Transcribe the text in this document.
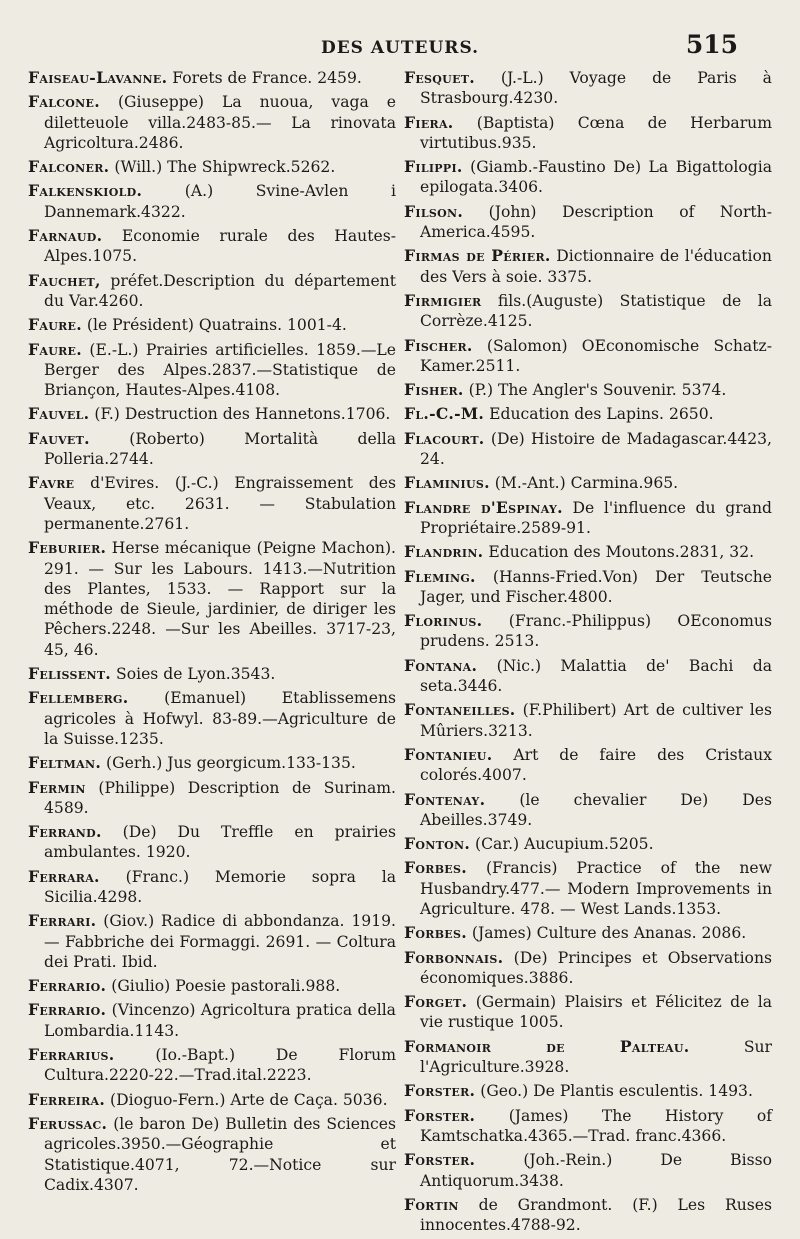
DES AUTEURS.	515

Faiseau-Lavanne. Forets de France. 2459.

Falcone. (Giuseppe) La nuoua, vaga e diletteuole villa.2483-85.— La rinovata Agricoltura.2486.

Falconer. (Will.) The Shipwreck.5262.

Falkenskiold.	(A.) Svine-Avlen i Dannemark.4322.

Farnaud. Economie rurale des Hautes-Alpes.1075.

Fauchet, préfet.Description du département du Var.4260.

Faure. (le Président) Quatrains. 1001-4.

Faure. (E.-L.) Prairies artificielles. 1859.—Le Berger des Alpes.2837.—Statistique de Briançon, Hautes-Alpes.4108.

Fauvel. (F.) Destruction des Hannetons.1706.

Fauvet.	(Roberto) Mortalità della Polleria.2744.

Favre d'Evires. (J.-C.) Engraissement des Veaux, etc. 2631. — Stabulation permanente.2761.

Feburier. Herse mécanique (Peigne Machon). 291. — Sur les Labours. 1413.—Nutrition des Plantes, 1533. — Rapport sur la méthode de Sieule, jardinier, de diriger les Pêchers.2248. —Sur les Abeilles. 3717-23, 45, 46.

Felissent. Soies de Lyon.3543.

Fellemberg. (Emanuel) Etablissemens agricoles à Hofwyl. 83-89.—Agriculture de la Suisse.1235.

Feltman. (Gerh.) Jus georgicum.133-135.

Fermin (Philippe) Description de Surinam. 4589.

Ferrand. (De) Du Treffle en prairies ambulantes. 1920.

Ferrara. (Franc.) Memorie sopra la Sicilia.4298.

Ferrari. (Giov.) Radice di abbondanza. 1919. — Fabbriche dei Formaggi. 2691. — Coltura dei Prati. Ibid.

Ferrario. (Giulio) Poesie pastorali.988.

Ferrario. (Vincenzo) Agricoltura pratica della Lombardia.1143.

Ferrarius.	(Io.-Bapt.) De Florum Cultura.2220-22.—Trad.ital.2223.

Ferreira. (Dioguo-Fern.) Arte de Caça. 5036.

Ferussac. (le baron De) Bulletin des Sciences agricoles.3950.—Géographie et Statistique.4071, 72.—Notice sur Cadix.4307.

Fesquet. (J.-L.) Voyage de Paris à Strasbourg.4230.

Fiera. (Baptista) Cœna de Herbarum virtutibus.935.

Filippi. (Giamb.-Faustino De) La Bigattologia epilogata.3406.

Filson. (John) Description of North-America.4595.

Firmas de Périer. Dictionnaire de l'éducation des Vers à soie. 3375.

Firmigier fils.(Auguste) Statistique de la Corrèze.4125.

Fischer. (Salomon) OEconomische Schatz-Kamer.2511.

Fisher. (P.) The Angler's Souvenir. 5374.

Fl.-C.-M. Education des Lapins. 2650.

Flacourt. (De) Histoire de Madagascar.4423, 24.

Flaminius. (M.-Ant.) Carmina.965.

Flandre d'Espinay. De l'influence du grand Propriétaire.2589-91.

Flandrin. Education des Moutons.2831, 32.

Fleming. (Hanns-Fried.Von) Der Teutsche Jager, und Fischer.4800.

Florinus. (Franc.-Philippus) OEconomus prudens. 2513.

Fontana. (Nic.) Malattia de' Bachi da seta.3446.

Fontaneilles. (F.Philibert) Art de cultiver les Mûriers.3213.

Fontanieu. Art de faire des Cristaux colorés.4007.

Fontenay. (le chevalier De) Des Abeilles.3749.

Fonton. (Car.) Aucupium.5205.

Forbes. (Francis) Practice of the new Husbandry.477.— Modern Improvements in Agriculture. 478. — West Lands.1353.

Forbes. (James) Culture des Ananas. 2086.

Forbonnais. (De) Principes et Observations économiques.3886.

Forget. (Germain) Plaisirs et Félicitez de la vie rustique 1005.

Formanoir de Palteau.	Sur l'Agriculture.3928.

Forster. (Geo.) De Plantis esculentis. 1493.

Forster. (James) The History of Kamtschatka.4365.—Trad. franc.4366.

Forster.	(Joh.-Rein.) De Bisso Antiquorum.3438.

Fortin de Grandmont. (F.) Les Ruses innocentes.4788-92.
